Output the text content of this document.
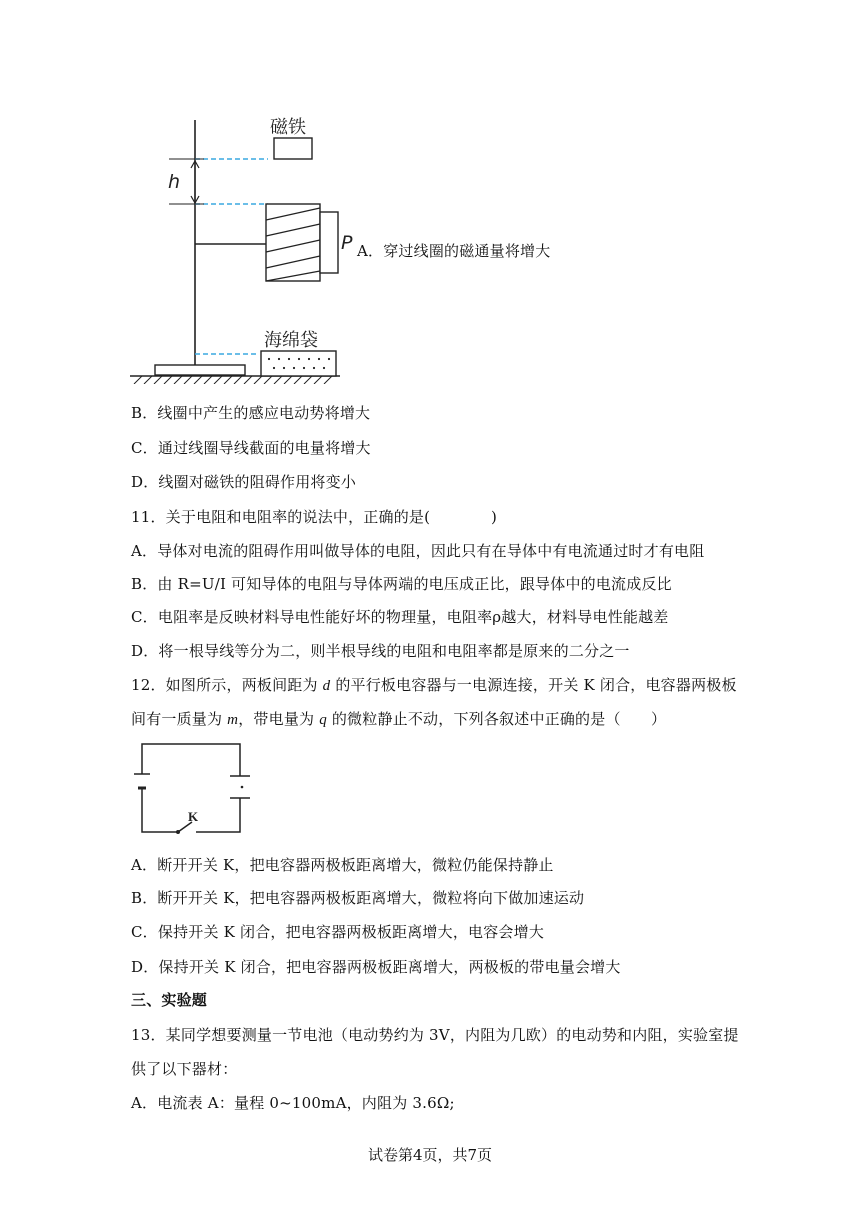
h
磁铁
P
海绵袋
A．穿过线圈的磁通量将增大
B．线圈中产生的感应电动势将增大
C．通过线圈导线截面的电量将增大
D．线圈对磁铁的阻碍作用将变小
11．关于电阻和电阻率的说法中，正确的是(　　　　)
A．导体对电流的阻碍作用叫做导体的电阻，因此只有在导体中有电流通过时才有电阻
B．由 R=U/I 可知导体的电阻与导体两端的电压成正比，跟导体中的电流成反比
C．电阻率是反映材料导电性能好坏的物理量，电阻率ρ越大，材料导电性能越差
D．将一根导线等分为二，则半根导线的电阻和电阻率都是原来的二分之一
12．如图所示，两板间距为 d 的平行板电容器与一电源连接，开关 K 闭合，电容器两极板
间有一质量为 m，带电量为 q 的微粒静止不动，下列各叙述中正确的是（　　）
K
A．断开开关 K，把电容器两极板距离增大，微粒仍能保持静止
B．断开开关 K，把电容器两极板距离增大，微粒将向下做加速运动
C．保持开关 K 闭合，把电容器两极板距离增大，电容会增大
D．保持开关 K 闭合，把电容器两极板距离增大，两极板的带电量会增大
三、实验题
13．某同学想要测量一节电池（电动势约为 3V，内阻为几欧）的电动势和内阻，实验室提
供了以下器材：
A．电流表 A：量程 0~100mA，内阻为 3.6Ω;
试卷第4页，共7页
